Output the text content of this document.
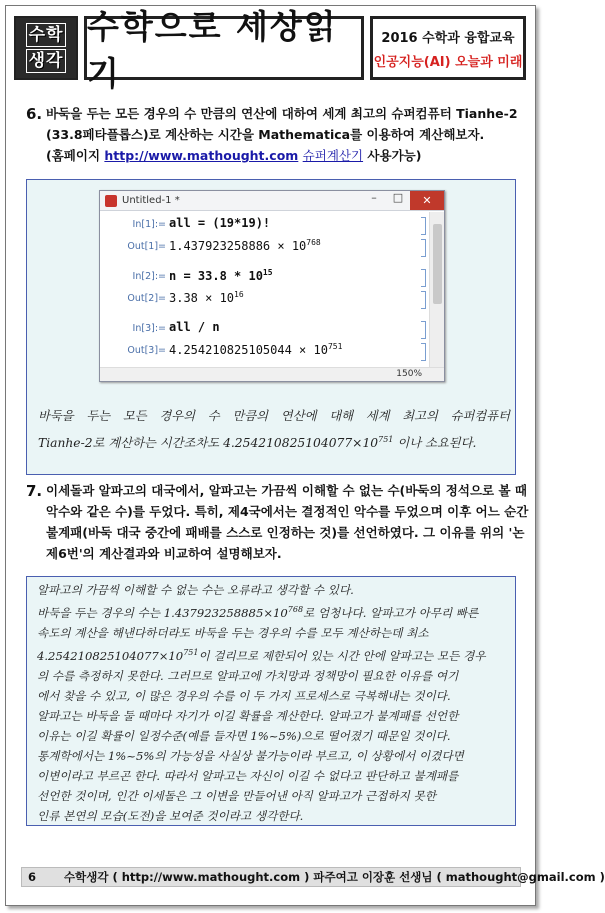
수학
생각
수학으로 세상읽기
2016 수학과 융합교육
인공지능(AI) 오늘과 미래
6. 바둑을 두는 모든 경우의 수 만큼의 연산에 대하여 세계 최고의 슈퍼컴퓨터 Tianhe-2
(33.8페타플롭스)로 계산하는 시간을 Mathematica를 이용하여 계산해보자.
(홈페이지 http://www.mathought.com 슈퍼계산기 사용가능)
Untitled-1 *	–	□	✕
In[1]:= all = (19*19)!
$Out[1]= 1.437923258886 \times 10^{768}$
In[2]:= $n = 33.8 * 10^{15}$
$Out[2]= 3.38 \times 10^{16}$
In[3]:= all / n
$Out[3]= 4.254210825105044 \times 10^{751}$
150%
바둑을 두는 모든 경우의 수 만큼의 연산에 대해 세계 최고의 슈퍼컴퓨터
Tianhe-2로 계산하는 시간조차도 $4.254210825104077\times 10^{751}$ 이나 소요된다.
7. 이세돌과 알파고의 대국에서, 알파고는 가끔씩 이해할 수 없는 수(바둑의 정석으로 볼 때
악수와 같은 수)를 두었다. 특히, 제4국에서는 결정적인 악수를 두었으며 이후 어느 순간
불계패(바둑 대국 중간에 패배를 스스로 인정하는 것)를 선언하였다. 그 이유를 위의 '논
제6번'의 계산결과와 비교하여 설명해보자.
알파고의 가끔씩 이해할 수 없는 수는 오류라고 생각할 수 있다.
바둑을 두는 경우의 수는 $1.437923258885\times 10^{768}$로 엄청나다. 알파고가 아무리 빠른
속도의 계산을 해낸다하더라도 바둑을 두는 경우의 수를 모두 계산하는데 최소
$4.254210825104077\times 10^{751}$이 걸리므로 제한되어 있는 시간 안에 알파고는 모든 경우
의 수를 측정하지 못한다. 그러므로 알파고에 가치망과 정책망이 필요한 이유를 여기
에서 찾을 수 있고, 이 많은 경우의 수를 이 두 가지 프로세스로 극복해내는 것이다.
알파고는 바둑을 둘 때마다 자기가 이길 확률을 계산한다. 알파고가 불계패를 선언한
이유는 이길 확률이 일정수준(예를 들자면 1%~5%)으로 떨어졌기 때문일 것이다.
통계학에서는 1%~5%의 가능성을 사실상 불가능이라 부르고, 이 상황에서 이겼다면
이변이라고 부르곤 한다. 따라서 알파고는 자신이 이길 수 없다고 판단하고 불계패를
선언한 것이며, 인간 이세돌은 그 이변을 만들어낸 아직 알파고가 근접하지 못한
인류 본연의 모습(도전)을 보여준 것이라고 생각한다.
6 수학생각 ( http://www.mathought.com ) 파주여고 이장훈 선생님 ( mathought@gmail.com )
